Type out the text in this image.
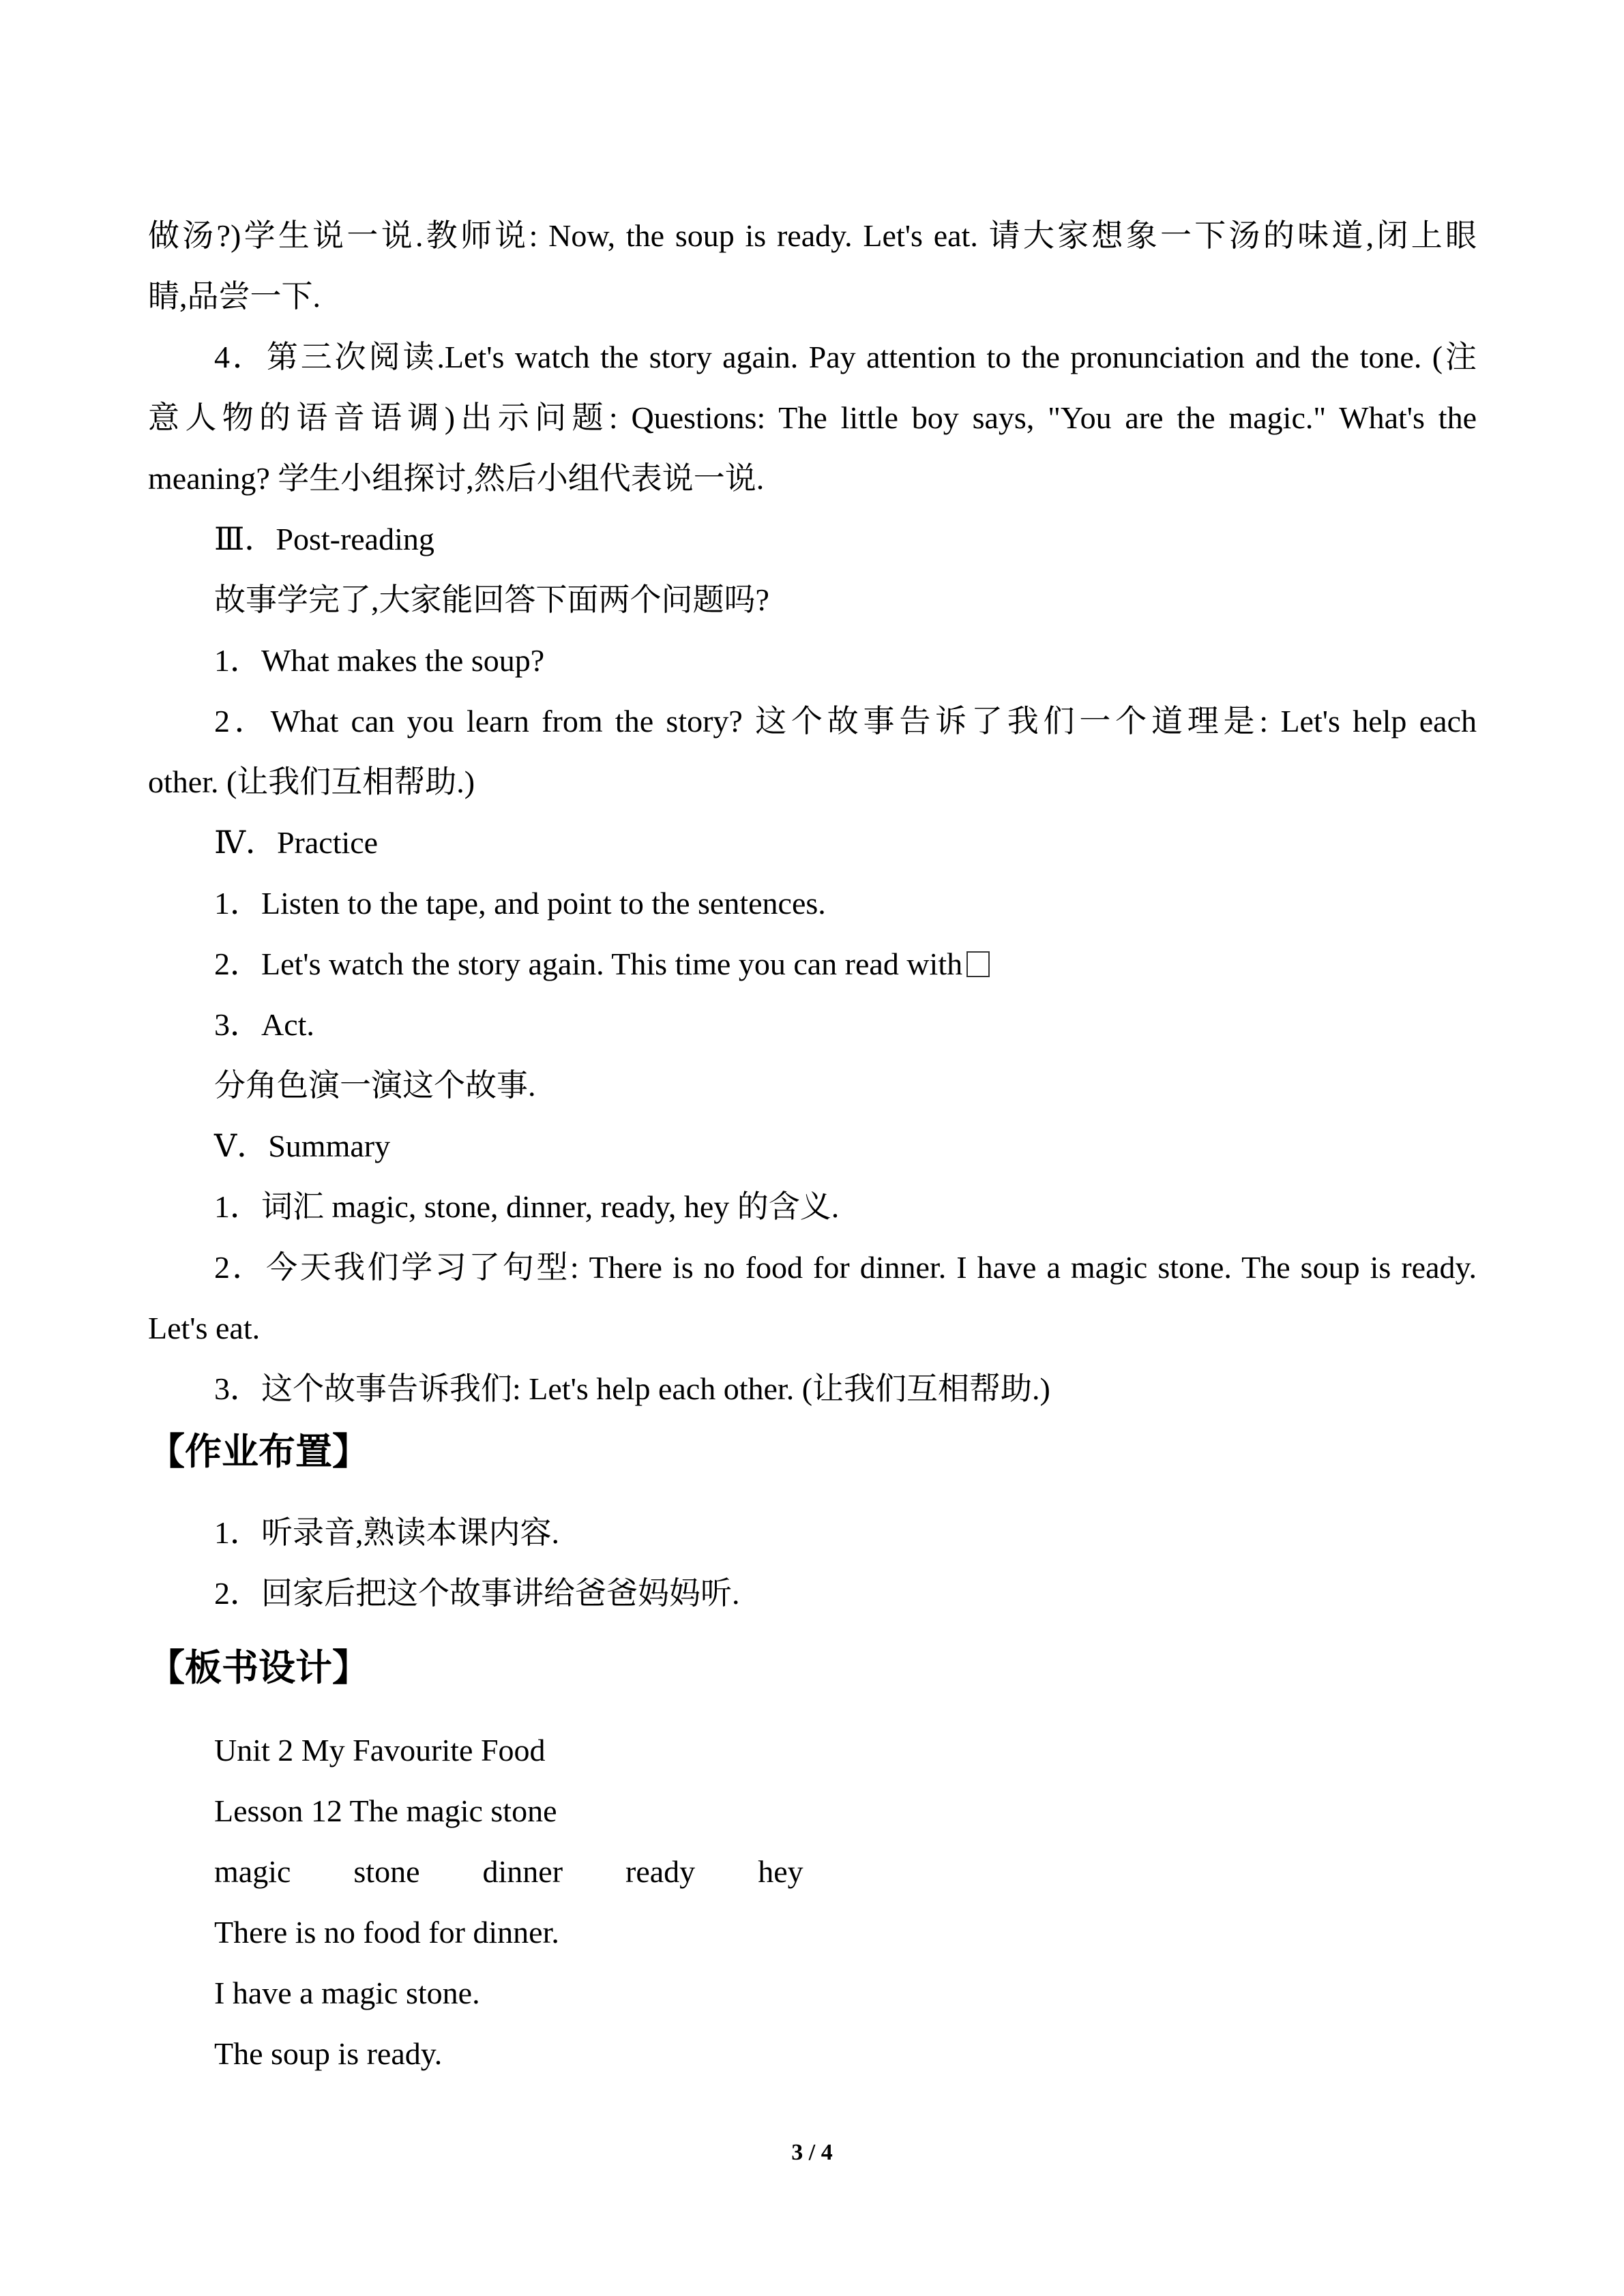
做汤?)学生说一说.教师说: Now, the soup is ready. Let's eat. 请大家想象一下汤的味道,闭上眼
睛,品尝一下.
4．第三次阅读.Let's watch the story again. Pay attention to the pronunciation and the tone. (注
意人物的语音语调)出示问题: Questions: The little boy says, "You are the magic." What's the
meaning? 学生小组探讨,然后小组代表说一说.
Ⅲ．Post-reading
故事学完了,大家能回答下面两个问题吗?
1．What makes the soup?
2．What can you learn from the story? 这个故事告诉了我们一个道理是: Let's help each
other. (让我们互相帮助.)
Ⅳ．Practice
1．Listen to the tape, and point to the sentences.
2．Let's watch the story again. This time you can read with
3．Act.
分角色演一演这个故事.
Ⅴ．Summary
1．词汇 magic, stone, dinner, ready, hey 的含义.
2．今天我们学习了句型: There is no food for dinner. I have a magic stone. The soup is ready.
Let's eat.
3．这个故事告诉我们: Let's help each other. (让我们互相帮助.)
【作业布置】
1．听录音,熟读本课内容.
2．回家后把这个故事讲给爸爸妈妈听.
【板书设计】
Unit 2 My Favourite Food
Lesson 12 The magic stone
magic stone dinner ready hey
There is no food for dinner.
I have a magic stone.
The soup is ready.
3 / 4
